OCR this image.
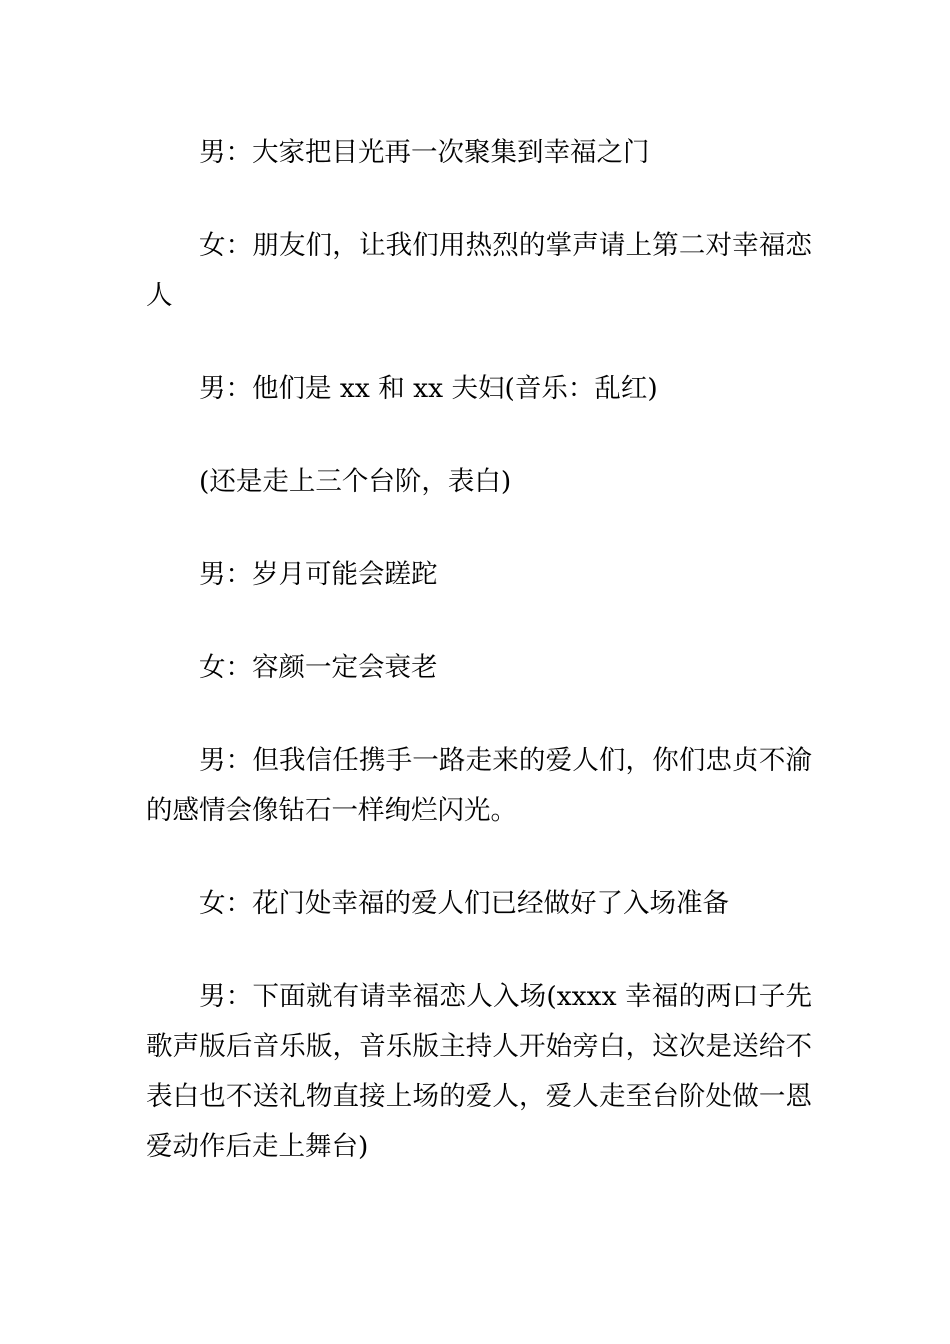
男：大家把目光再一次聚集到幸福之门

女：朋友们，让我们用热烈的掌声请上第二对幸福恋人

男：他们是 xx 和 xx 夫妇(音乐：乱红)

(还是走上三个台阶，表白)

男：岁月可能会蹉跎

女：容颜一定会衰老

男：但我信任携手一路走来的爱人们，你们忠贞不渝的感情会像钻石一样绚烂闪光。

女：花门处幸福的爱人们已经做好了入场准备

男：下面就有请幸福恋人入场(xxxx 幸福的两口子先歌声版后音乐版，音乐版主持人开始旁白，这次是送给不表白也不送礼物直接上场的爱人，爱人走至台阶处做一恩爱动作后走上舞台)
